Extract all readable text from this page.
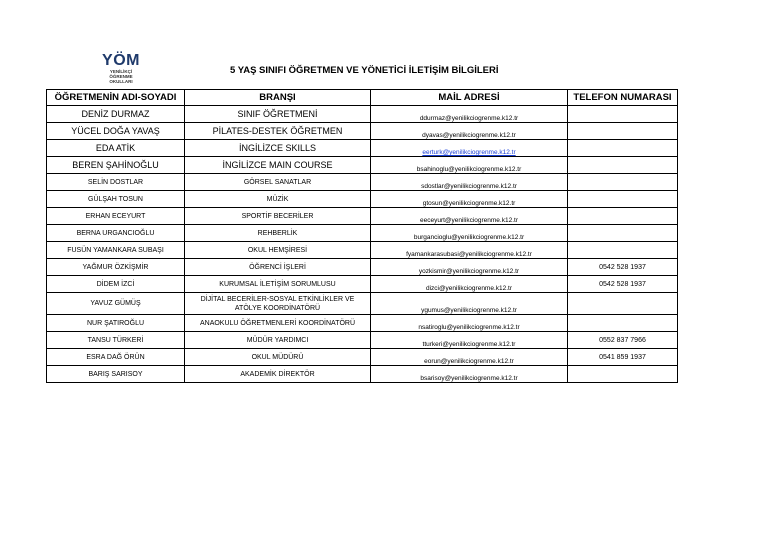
YÖM
YENİLİKÇİ
ÖĞRENME
OKULLARI
5 YAŞ SINIFI ÖĞRETMEN VE YÖNETİCİ İLETİŞİM BİLGİLERİ
ÖĞRETMENİN ADI-SOYADI	BRANŞI	MAİL ADRESİ	TELEFON NUMARASI
DENİZ DURMAZ	SINIF ÖĞRETMENİ	ddurmaz@yenilikciogrenme.k12.tr	
YÜCEL DOĞA YAVAŞ	PİLATES-DESTEK ÖĞRETMEN	dyavas@yenilikciogrenme.k12.tr	
EDA ATİK	İNGİLİZCE SKILLS	eerturk@yenilikciogrenme.k12.tr	
BEREN ŞAHİNOĞLU	İNGİLİZCE MAIN COURSE	bsahinoglu@yenilikciogrenme.k12.tr	
SELİN DOSTLAR	GÖRSEL SANATLAR	sdostlar@yenilikciogrenme.k12.tr	
GÜLŞAH TOSUN	MÜZİK	gtosun@yenilikciogrenme.k12.tr	
ERHAN ECEYURT	SPORTİF BECERİLER	eeceyurt@yenilikciogrenme.k12.tr	
BERNA URGANCIOĞLU	REHBERLİK	burgancioglu@yenilikciogrenme.k12.tr	
FUSÜN YAMANKARA SUBAŞI	OKUL HEMŞİRESİ	fyamankarasubasi@yenilikciogrenme.k12.tr	
YAĞMUR ÖZKİŞMİR	ÖĞRENCİ İŞLERİ	yozkismir@yenilikciogrenme.k12.tr	0542 528 1937
DİDEM İZCİ	KURUMSAL İLETİŞİM SORUMLUSU	dizci@yenilikciogrenme.k12.tr	0542 528 1937
YAVUZ GÜMÜŞ	DİJİTAL BECERİLER-SOSYAL ETKİNLİKLER VE ATÖLYE KOORDİNATÖRÜ	ygumus@yenilikciogrenme.k12.tr	
NUR ŞATIROĞLU	ANAOKULU ÖĞRETMENLERİ KOORDİNATÖRÜ	nsatiroglu@yenilikciogrenme.k12.tr	
TANSU TÜRKERİ	MÜDÜR YARDIMCI	tturkeri@yenilikciogrenme.k12.tr	0552 837 7966
ESRA DAĞ ÖRÜN	OKUL MÜDÜRÜ	eorun@yenilikciogrenme.k12.tr	0541 859 1937
BARIŞ SARISOY	AKADEMİK DİREKTÖR	bsarisoy@yenilikciogrenme.k12.tr	
